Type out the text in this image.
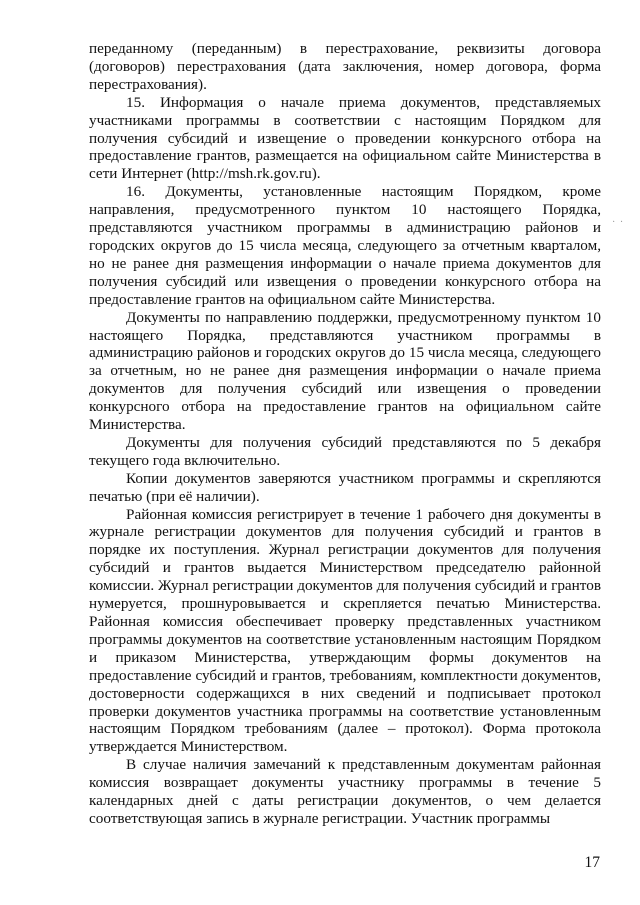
· ·

переданному (переданным) в перестрахование, реквизиты договора (договоров) перестрахования (дата заключения, номер договора, форма перестрахования).

15. Информация о начале приема документов, представляемых участниками программы в соответствии с настоящим Порядком для получения субсидий и извещение о проведении конкурсного отбора на предоставление грантов, размещается на официальном сайте Министерства в сети Интернет (http://msh.rk.gov.ru).

16. Документы, установленные настоящим Порядком, кроме направления, предусмотренного пунктом 10 настоящего Порядка, представляются участником программы в администрацию районов и городских округов до 15 числа месяца, следующего за отчетным кварталом, но не ранее дня размещения информации о начале приема документов для получения субсидий или извещения о проведении конкурсного отбора на предоставление грантов на официальном сайте Министерства.

Документы по направлению поддержки, предусмотренному пунктом 10 настоящего Порядка, представляются участником программы в администрацию районов и городских округов до 15 числа месяца, следующего за отчетным, но не ранее дня размещения информации о начале приема документов для получения субсидий или извещения о проведении конкурсного отбора на предоставление грантов на официальном сайте Министерства.

Документы для получения субсидий представляются по 5 декабря текущего года включительно.

Копии документов заверяются участником программы и скрепляются печатью (при её наличии).

Районная комиссия регистрирует в течение 1 рабочего дня документы в журнале регистрации документов для получения субсидий и грантов в порядке их поступления. Журнал регистрации документов для получения субсидий и грантов выдается Министерством председателю районной комиссии. Журнал регистрации документов для получения субсидий и грантов нумеруется, прошнуровывается и скрепляется печатью Министерства. Районная комиссия обеспечивает проверку представленных участником программы документов на соответствие установленным настоящим Порядком и приказом Министерства, утверждающим формы документов на предоставление субсидий и грантов, требованиям, комплектности документов, достоверности содержащихся в них сведений и подписывает протокол проверки документов участника программы на соответствие установленным настоящим Порядком требованиям (далее – протокол). Форма протокола утверждается Министерством.

В случае наличия замечаний к представленным документам районная комиссия возвращает документы участнику программы в течение 5 календарных дней с даты регистрации документов, о чем делается соответствующая запись в журнале регистрации. Участник программы

17
